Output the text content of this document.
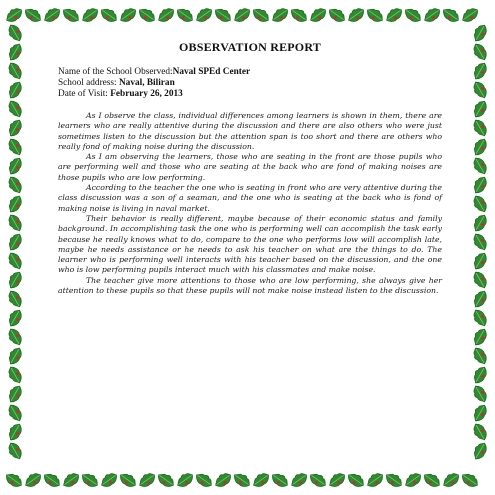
OBSERVATION REPORT
Name of the School Observed:Naval SPEd Center
School address: Naval, Biliran
Date of Visit: February 26, 2013

As I observe the class, individual differences among learners is shown in them, there are learners who are really attentive during the discussion and there are also others who were just sometimes listen to the discussion but the attention span is too short and there are others who really fond of making noise during the discussion.

As I am observing the learners, those who are seating in the front are those pupils who are performing well and those who are seating at the back who are fond of making noises are those pupils who are low performing.

According to the teacher the one who is seating in front who are very attentive during the class discussion was a son of a seaman, and the one who is seating at the back who is fond of making noise is living in naval market.

Their behavior is really different, maybe because of their economic status and family background. In accomplishing task the one who is performing well can accomplish the task early because he really knows what to do, compare to the one who performs low will accomplish late, maybe he needs assistance or he needs to ask his teacher on what are the things to do. The learner who is performing well interacts with his teacher based on the discussion, and the one who is low performing pupils interact much with his classmates and make noise.

The teacher give more attentions to those who are low performing, she always give her attention to these pupils so that these pupils will not make noise instead listen to the discussion.
